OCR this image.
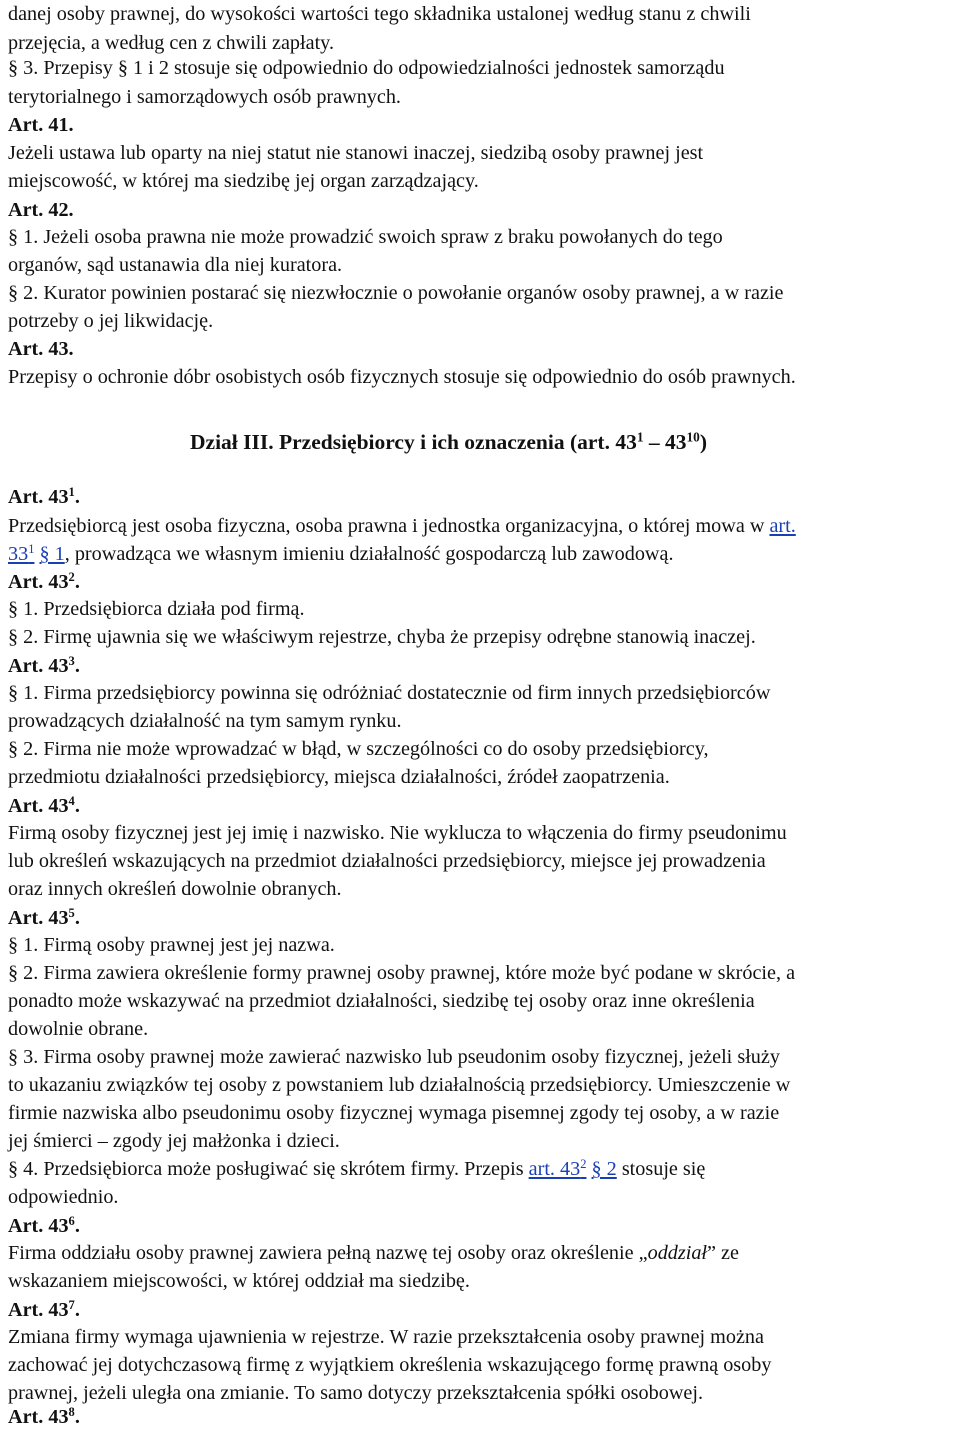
danej osoby prawnej, do wysokości wartości tego składnika ustalonej według stanu z chwili

przejęcia, a według cen z chwili zapłaty.

§ 3. Przepisy § 1 i 2 stosuje się odpowiednio do odpowiedzialności jednostek samorządu

terytorialnego i samorządowych osób prawnych.

Art. 41.

Jeżeli ustawa lub oparty na niej statut nie stanowi inaczej, siedzibą osoby prawnej jest

miejscowość, w której ma siedzibę jej organ zarządzający.

Art. 42.

§ 1. Jeżeli osoba prawna nie może prowadzić swoich spraw z braku powołanych do tego

organów, sąd ustanawia dla niej kuratora.

§ 2. Kurator powinien postarać się niezwłocznie o powołanie organów osoby prawnej, a w razie

potrzeby o jej likwidację.

Art. 43.

Przepisy o ochronie dóbr osobistych osób fizycznych stosuje się odpowiednio do osób prawnych.

Dział III. Przedsiębiorcy i ich oznaczenia (art. $43^1 - 43^{10}$)

Art. $43^1$.

Przedsiębiorcą jest osoba fizyczna, osoba prawna i jednostka organizacyjna, o której mowa w art.

33$^1$ § 1, prowadząca we własnym imieniu działalność gospodarczą lub zawodową.

Art. $43^2$.

§ 1. Przedsiębiorca działa pod firmą.

§ 2. Firmę ujawnia się we właściwym rejestrze, chyba że przepisy odrębne stanowią inaczej.

Art. $43^3$.

§ 1. Firma przedsiębiorcy powinna się odróżniać dostatecznie od firm innych przedsiębiorców

prowadzących działalność na tym samym rynku.

§ 2. Firma nie może wprowadzać w błąd, w szczególności co do osoby przedsiębiorcy,

przedmiotu działalności przedsiębiorcy, miejsca działalności, źródeł zaopatrzenia.

Art. $43^4$.

Firmą osoby fizycznej jest jej imię i nazwisko. Nie wyklucza to włączenia do firmy pseudonimu

lub określeń wskazujących na przedmiot działalności przedsiębiorcy, miejsce jej prowadzenia

oraz innych określeń dowolnie obranych.

Art. $43^5$.

§ 1. Firmą osoby prawnej jest jej nazwa.

§ 2. Firma zawiera określenie formy prawnej osoby prawnej, które może być podane w skrócie, a

ponadto może wskazywać na przedmiot działalności, siedzibę tej osoby oraz inne określenia

dowolnie obrane.

§ 3. Firma osoby prawnej może zawierać nazwisko lub pseudonim osoby fizycznej, jeżeli służy

to ukazaniu związków tej osoby z powstaniem lub działalnością przedsiębiorcy. Umieszczenie w

firmie nazwiska albo pseudonimu osoby fizycznej wymaga pisemnej zgody tej osoby, a w razie

jej śmierci – zgody jej małżonka i dzieci.

§ 4. Przedsiębiorca może posługiwać się skrótem firmy. Przepis art. 43$^2$ § 2 stosuje się

odpowiednio.

Art. $43^6$.

Firma oddziału osoby prawnej zawiera pełną nazwę tej osoby oraz określenie „oddział” ze

wskazaniem miejscowości, w której oddział ma siedzibę.

Art. $43^7$.

Zmiana firmy wymaga ujawnienia w rejestrze. W razie przekształcenia osoby prawnej można

zachować jej dotychczasową firmę z wyjątkiem określenia wskazującego formę prawną osoby

prawnej, jeżeli uległa ona zmianie. To samo dotyczy przekształcenia spółki osobowej.

Art. $43^8$.
